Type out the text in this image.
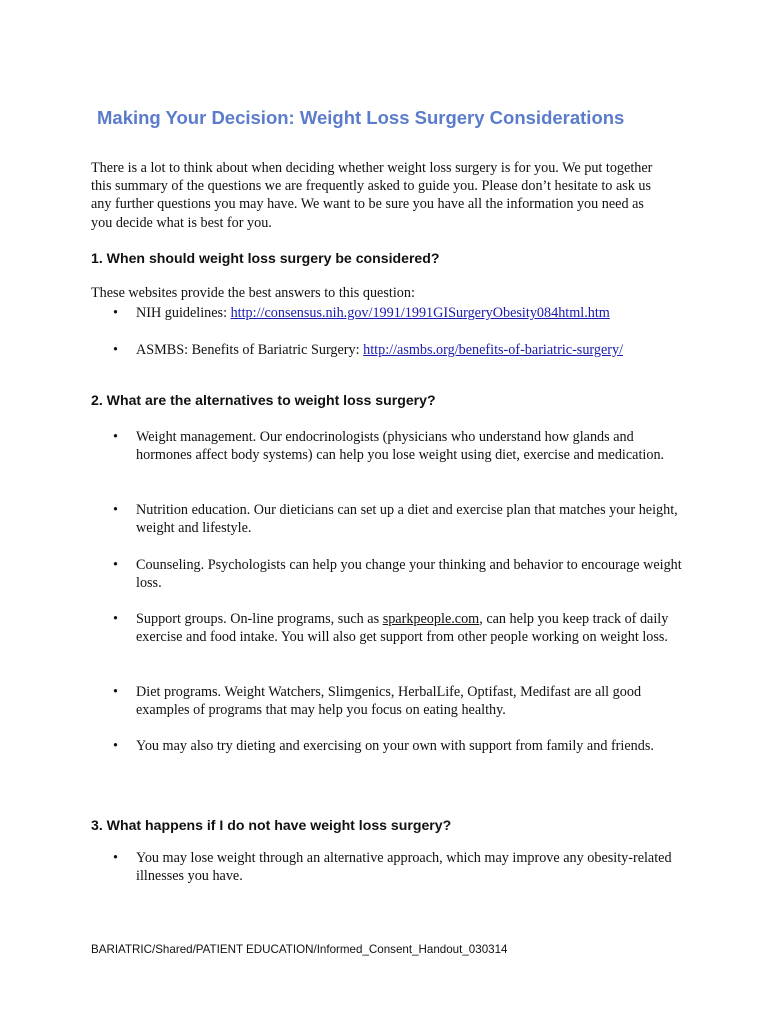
Making Your Decision: Weight Loss Surgery Considerations

There is a lot to think about when deciding whether weight loss surgery is for you. We put together this summary of the questions we are frequently asked to guide you. Please don’t hesitate to ask us any further questions you may have. We want to be sure you have all the information you need as you decide what is best for you.

1. When should weight loss surgery be considered?

These websites provide the best answers to this question:

• NIH guidelines: http://consensus.nih.gov/1991/1991GISurgeryObesity084html.htm
• ASMBS: Benefits of Bariatric Surgery: http://asmbs.org/benefits-of-bariatric-surgery/

2. What are the alternatives to weight loss surgery?

• Weight management. Our endocrinologists (physicians who understand how glands and hormones affect body systems) can help you lose weight using diet, exercise and medication.
• Nutrition education. Our dieticians can set up a diet and exercise plan that matches your height, weight and lifestyle.
• Counseling. Psychologists can help you change your thinking and behavior to encourage weight loss.
• Support groups. On-line programs, such as sparkpeople.com, can help you keep track of daily exercise and food intake. You will also get support from other people working on weight loss.
• Diet programs. Weight Watchers, Slimgenics, HerbalLife, Optifast, Medifast are all good examples of programs that may help you focus on eating healthy.
• You may also try dieting and exercising on your own with support from family and friends.

3. What happens if I do not have weight loss surgery?

• You may lose weight through an alternative approach, which may improve any obesity-related illnesses you have.

BARIATRIC/Shared/PATIENT EDUCATION/Informed_Consent_Handout_030314
